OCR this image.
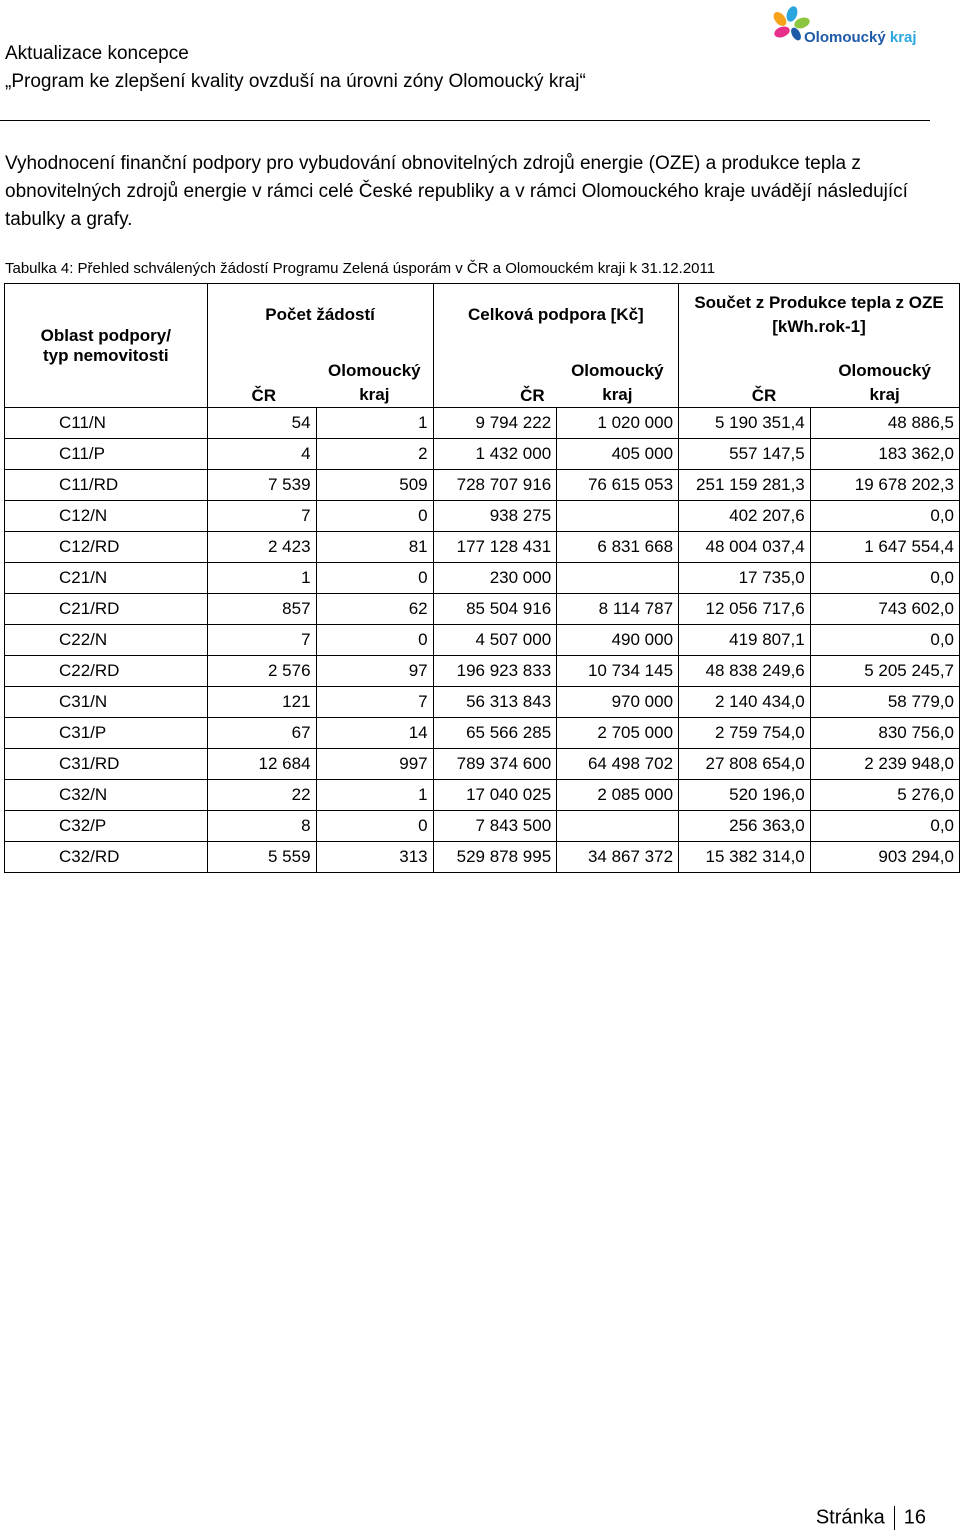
Aktualizace koncepce
„Program ke zlepšení kvality ovzduší na úrovni zóny Olomoucký kraj“
Olomoucký kraj
Vyhodnocení finanční podpory pro vybudování obnovitelných zdrojů energie (OZE) a produkce tepla z obnovitelných zdrojů energie v rámci celé České republiky a v rámci Olomouckého kraje uvádějí následující tabulky a grafy.
Tabulka 4: Přehled schválených žádostí Programu Zelená úsporám v ČR a Olomouckém kraji k 31.12.2011
Oblast podpory/ typ nemovitosti	Počet žádostí		Celková podpora [Kč]		Součet z Produkce tepla z OZE [kWh.rok-1]	
	ČR	Olomoucký kraj	ČR	Olomoucký kraj	ČR	Olomoucký kraj
C11/N	54	1	9 794 222	1 020 000	5 190 351,4	48 886,5
C11/P	4	2	1 432 000	405 000	557 147,5	183 362,0
C11/RD	7 539	509	728 707 916	76 615 053	251 159 281,3	19 678 202,3
C12/N	7	0	938 275		402 207,6	0,0
C12/RD	2 423	81	177 128 431	6 831 668	48 004 037,4	1 647 554,4
C21/N	1	0	230 000		17 735,0	0,0
C21/RD	857	62	85 504 916	8 114 787	12 056 717,6	743 602,0
C22/N	7	0	4 507 000	490 000	419 807,1	0,0
C22/RD	2 576	97	196 923 833	10 734 145	48 838 249,6	5 205 245,7
C31/N	121	7	56 313 843	970 000	2 140 434,0	58 779,0
C31/P	67	14	65 566 285	2 705 000	2 759 754,0	830 756,0
C31/RD	12 684	997	789 374 600	64 498 702	27 808 654,0	2 239 948,0
C32/N	22	1	17 040 025	2 085 000	520 196,0	5 276,0
C32/P	8	0	7 843 500		256 363,0	0,0
C32/RD	5 559	313	529 878 995	34 867 372	15 382 314,0	903 294,0
Stránka 16
